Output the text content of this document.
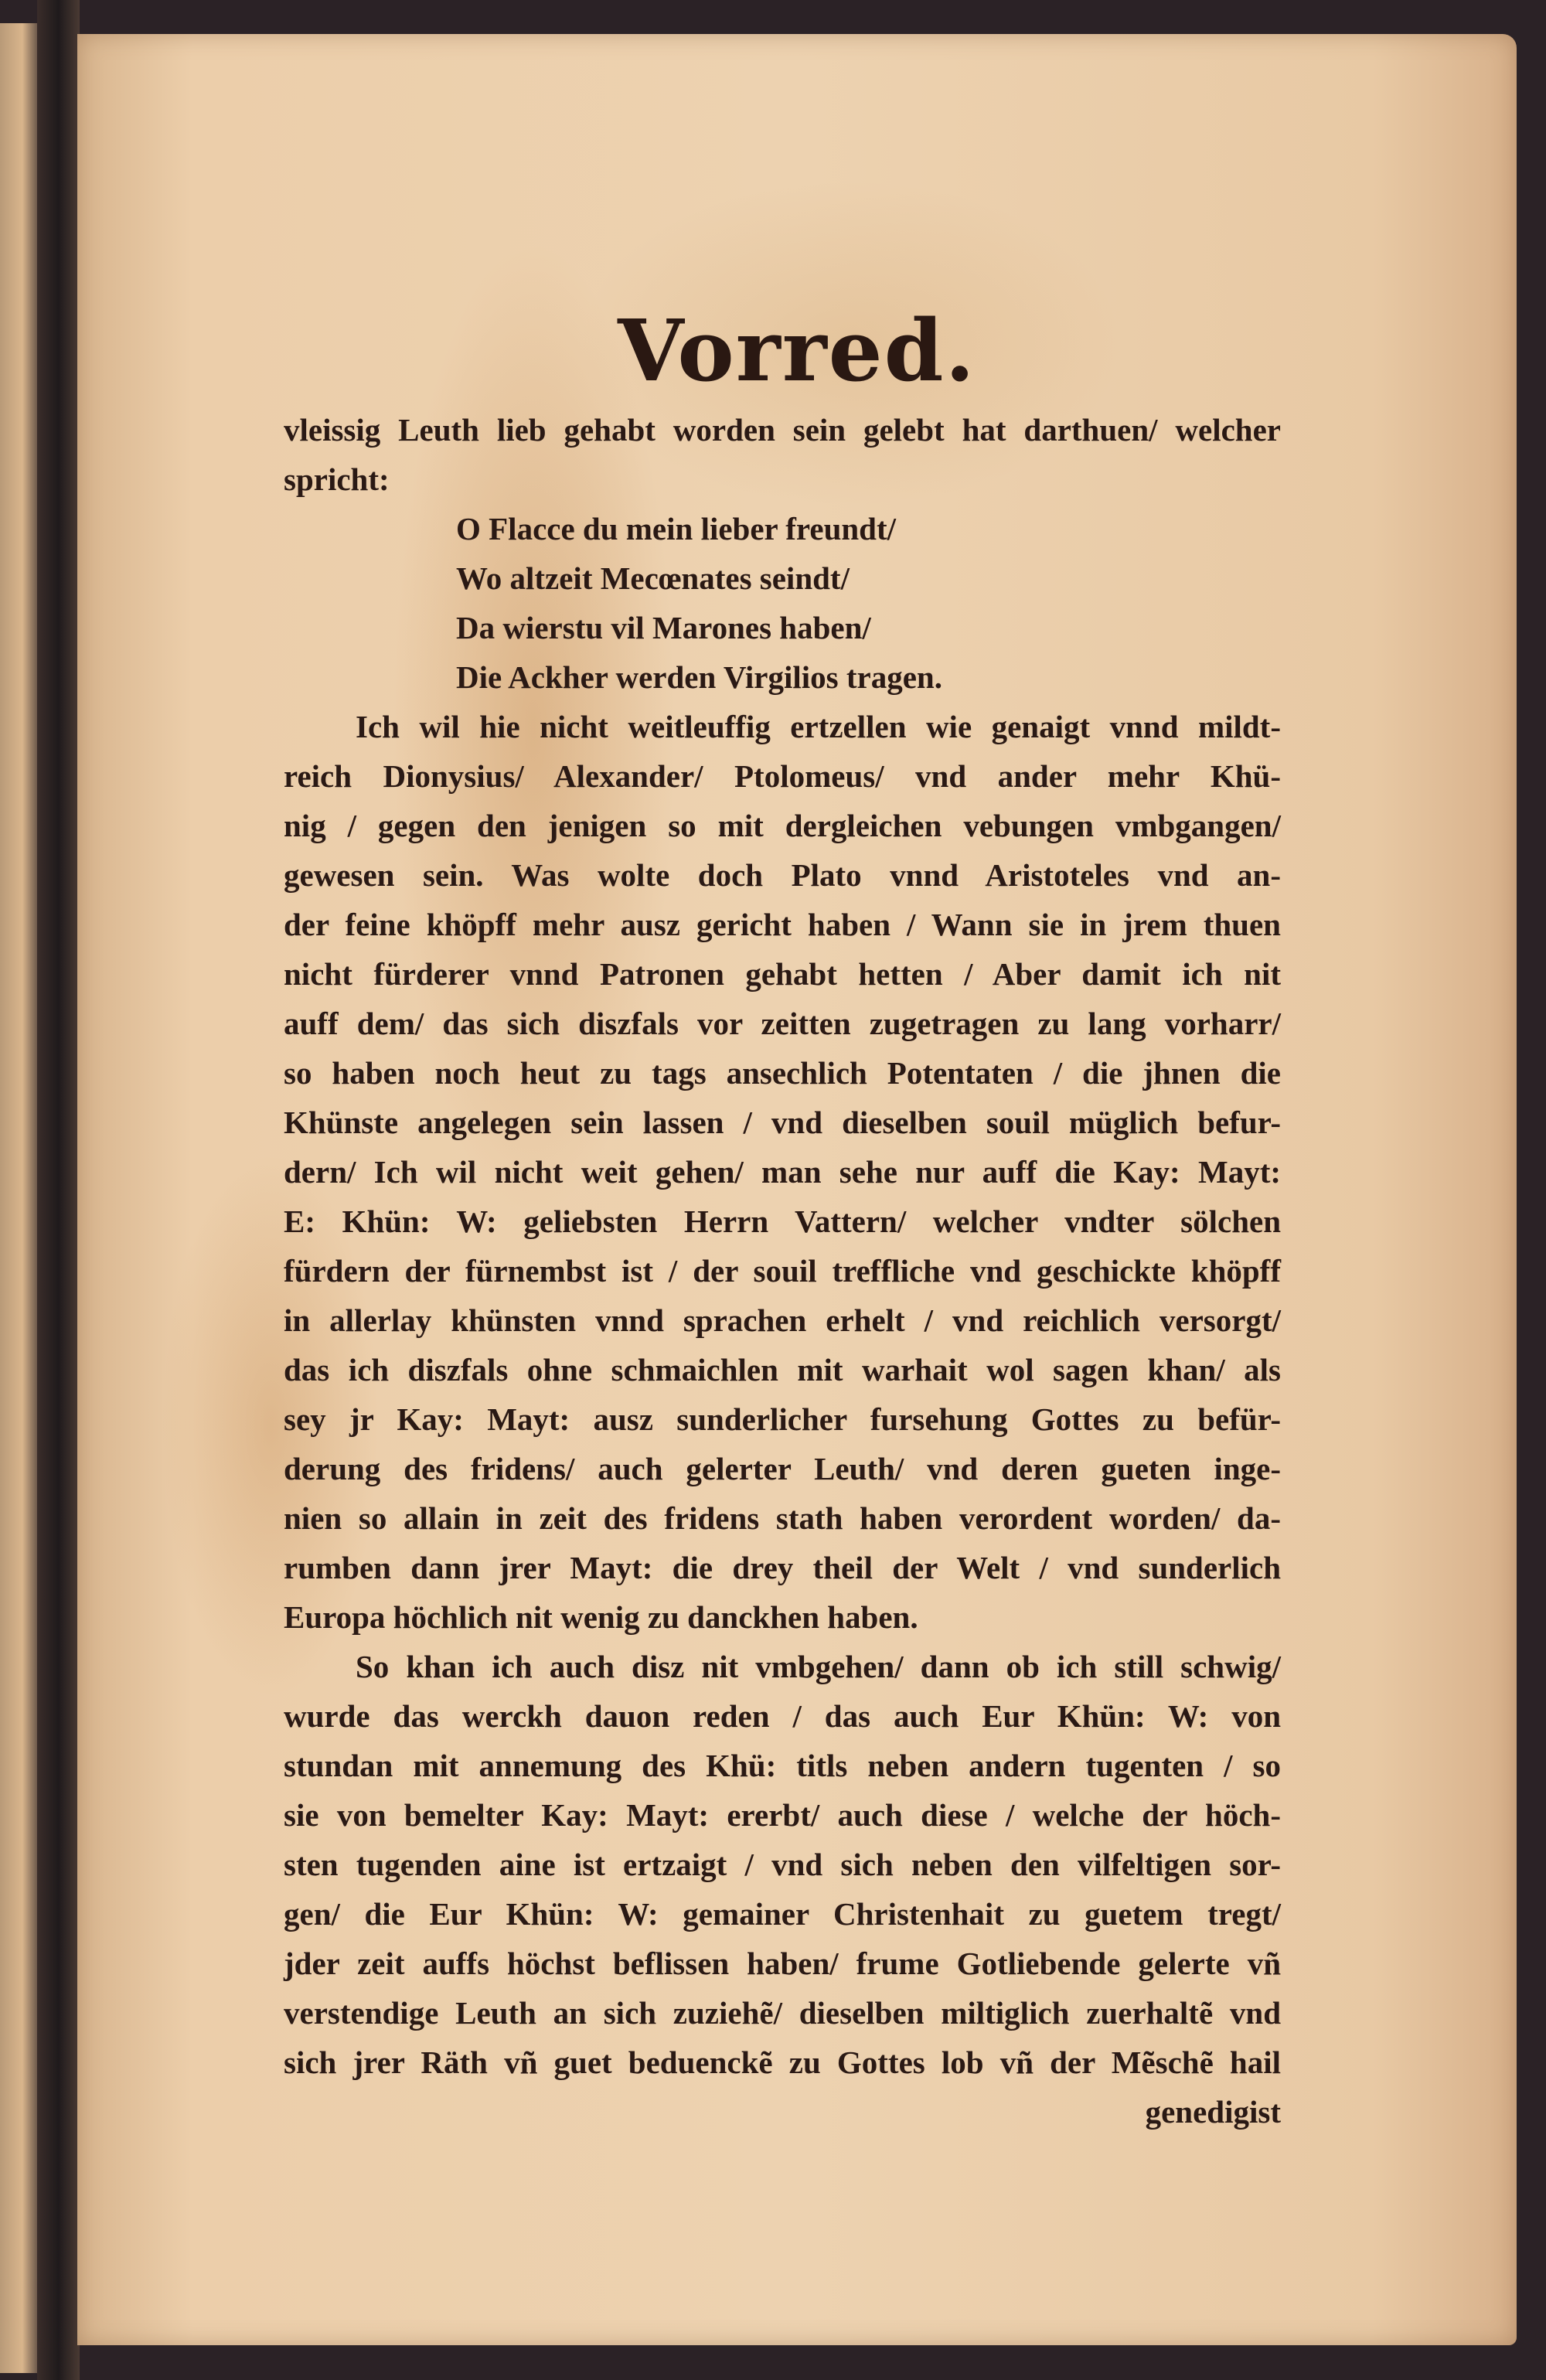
Vorred.
vleissig Leuth lieb gehabt worden sein gelebt hat darthuen/ welcher
spricht:
O Flacce du mein lieber freundt/
Wo altzeit Mecœnates seindt/
Da wierstu vil Marones haben/
Die Ackher werden Virgilios tragen.
Ich wil hie nicht weitleuffig ertzellen wie genaigt vnnd mildt-
reich Dionysius/ Alexander/ Ptolomeus/ vnd ander mehr Khü-
nig / gegen den jenigen so mit dergleichen vebungen vmbgangen/
gewesen sein. Was wolte doch Plato vnnd Aristoteles vnd an-
der feine khöpff mehr ausz gericht haben / Wann sie in jrem thuen
nicht fürderer vnnd Patronen gehabt hetten / Aber damit ich nit
auff dem/ das sich diszfals vor zeitten zugetragen zu lang vorharr/
so haben noch heut zu tags ansechlich Potentaten / die jhnen die
Khünste angelegen sein lassen / vnd dieselben souil müglich befur-
dern/ Ich wil nicht weit gehen/ man sehe nur auff die Kay: Mayt:
E: Khün: W: geliebsten Herrn Vattern/ welcher vndter sölchen
fürdern der fürnembst ist / der souil treffliche vnd geschickte khöpff
in allerlay khünsten vnnd sprachen erhelt / vnd reichlich versorgt/
das ich diszfals ohne schmaichlen mit warhait wol sagen khan/ als
sey jr Kay: Mayt: ausz sunderlicher fursehung Gottes zu befür-
derung des fridens/ auch gelerter Leuth/ vnd deren gueten inge-
nien so allain in zeit des fridens stath haben verordent worden/ da-
rumben dann jrer Mayt: die drey theil der Welt / vnd sunderlich
Europa höchlich nit wenig zu danckhen haben.
So khan ich auch disz nit vmbgehen/ dann ob ich still schwig/
wurde das werckh dauon reden / das auch Eur Khün: W: von
stundan mit annemung des Khü: titls neben andern tugenten / so
sie von bemelter Kay: Mayt: ererbt/ auch diese / welche der höch-
sten tugenden aine ist ertzaigt / vnd sich neben den vilfeltigen sor-
gen/ die Eur Khün: W: gemainer Christenhait zu guetem tregt/
jder zeit auffs höchst beflissen haben/ frume Gotliebende gelerte vñ
verstendige Leuth an sich zuziehẽ/ dieselben miltiglich zuerhaltẽ vnd
sich jrer Räth vñ guet beduenckẽ zu Gottes lob vñ der Mẽschẽ hail
genedigist
